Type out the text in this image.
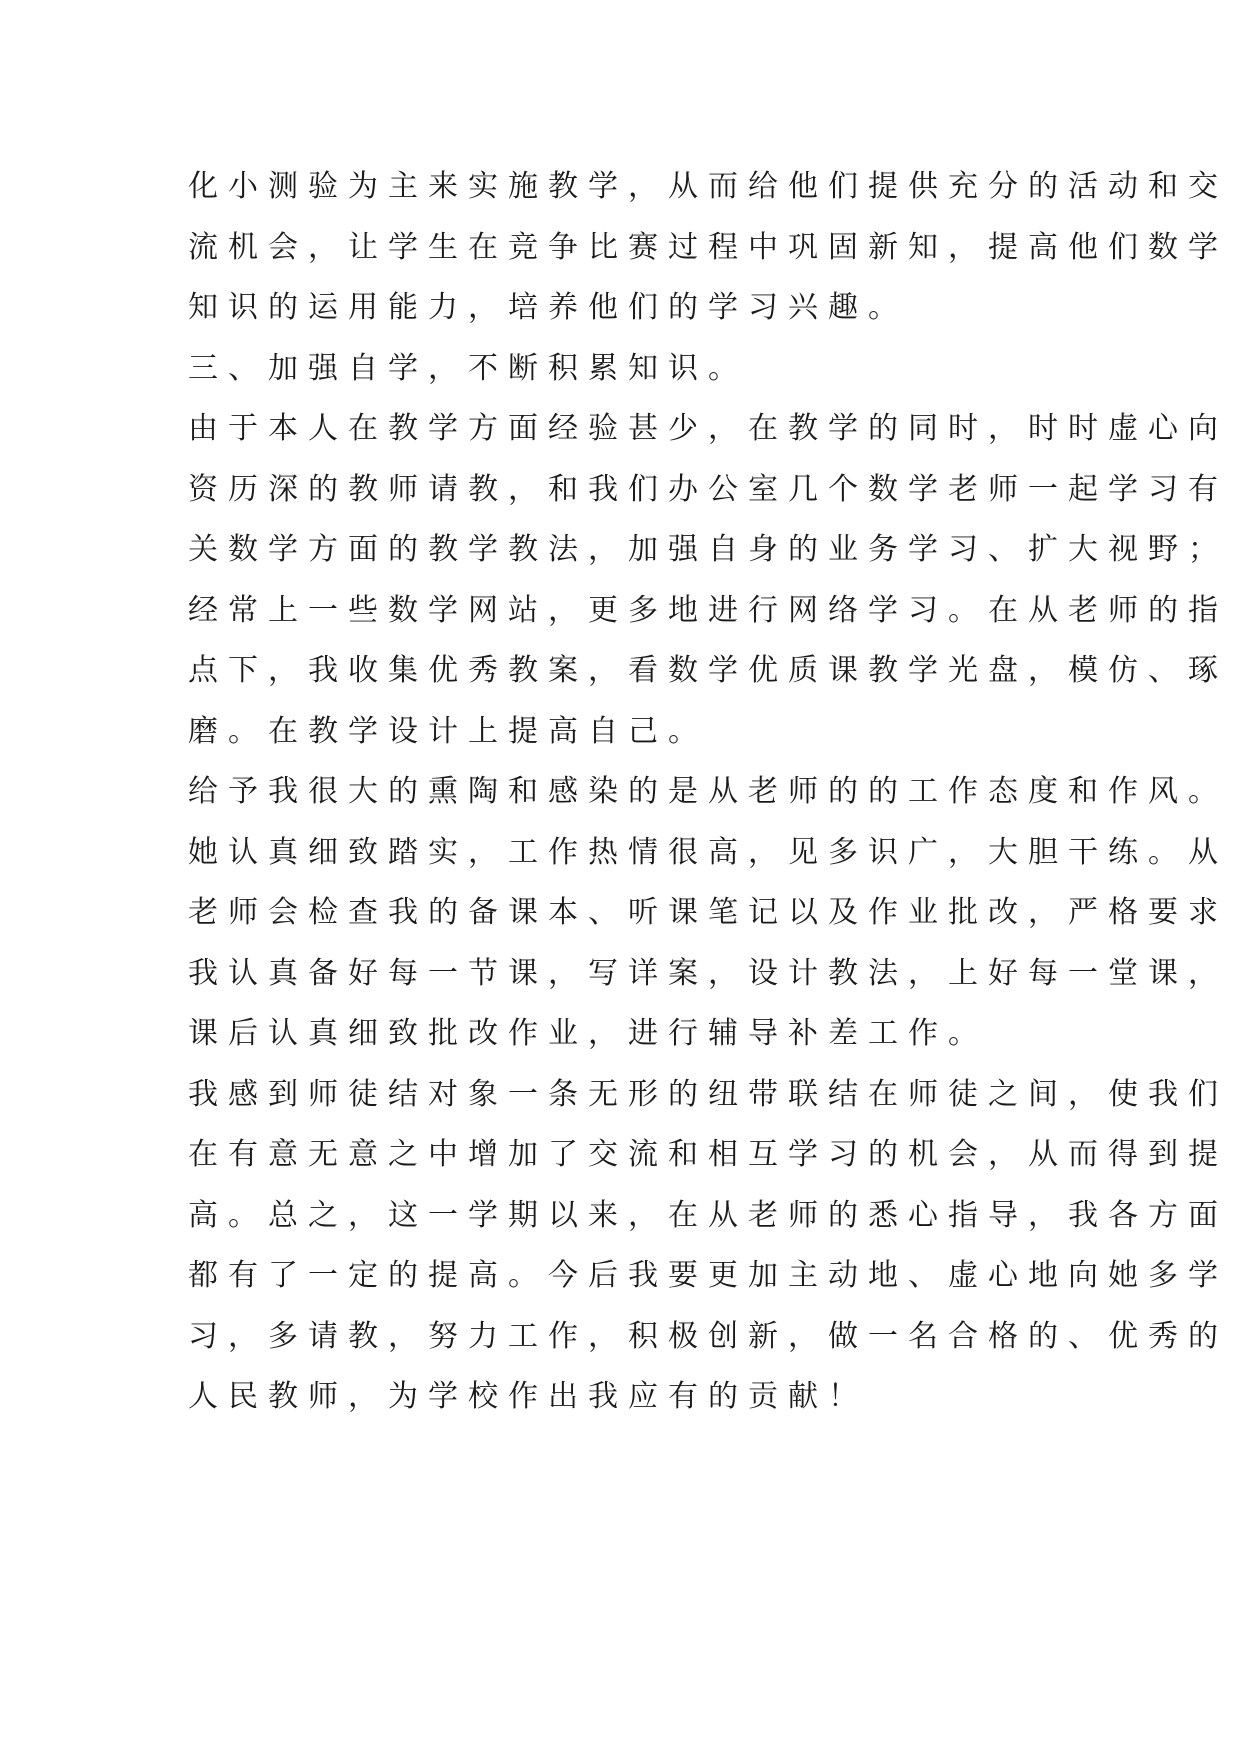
化小测验为主来实施教学，从而给他们提供充分的活动和交
流机会，让学生在竞争比赛过程中巩固新知，提高他们数学
知识的运用能力，培养他们的学习兴趣。
三、加强自学，不断积累知识。
由于本人在教学方面经验甚少，在教学的同时，时时虚心向
资历深的教师请教，和我们办公室几个数学老师一起学习有
关数学方面的教学教法，加强自身的业务学习、扩大视野；
经常上一些数学网站，更多地进行网络学习。在从老师的指
点下，我收集优秀教案，看数学优质课教学光盘，模仿、琢
磨。在教学设计上提高自己。
给予我很大的熏陶和感染的是从老师的的工作态度和作风。
她认真细致踏实，工作热情很高，见多识广，大胆干练。从
老师会检查我的备课本、听课笔记以及作业批改，严格要求
我认真备好每一节课，写详案，设计教法，上好每一堂课，
课后认真细致批改作业，进行辅导补差工作。
我感到师徒结对象一条无形的纽带联结在师徒之间，使我们
在有意无意之中增加了交流和相互学习的机会，从而得到提
高。总之，这一学期以来，在从老师的悉心指导，我各方面
都有了一定的提高。今后我要更加主动地、虚心地向她多学
习，多请教，努力工作，积极创新，做一名合格的、优秀的
人民教师，为学校作出我应有的贡献！
